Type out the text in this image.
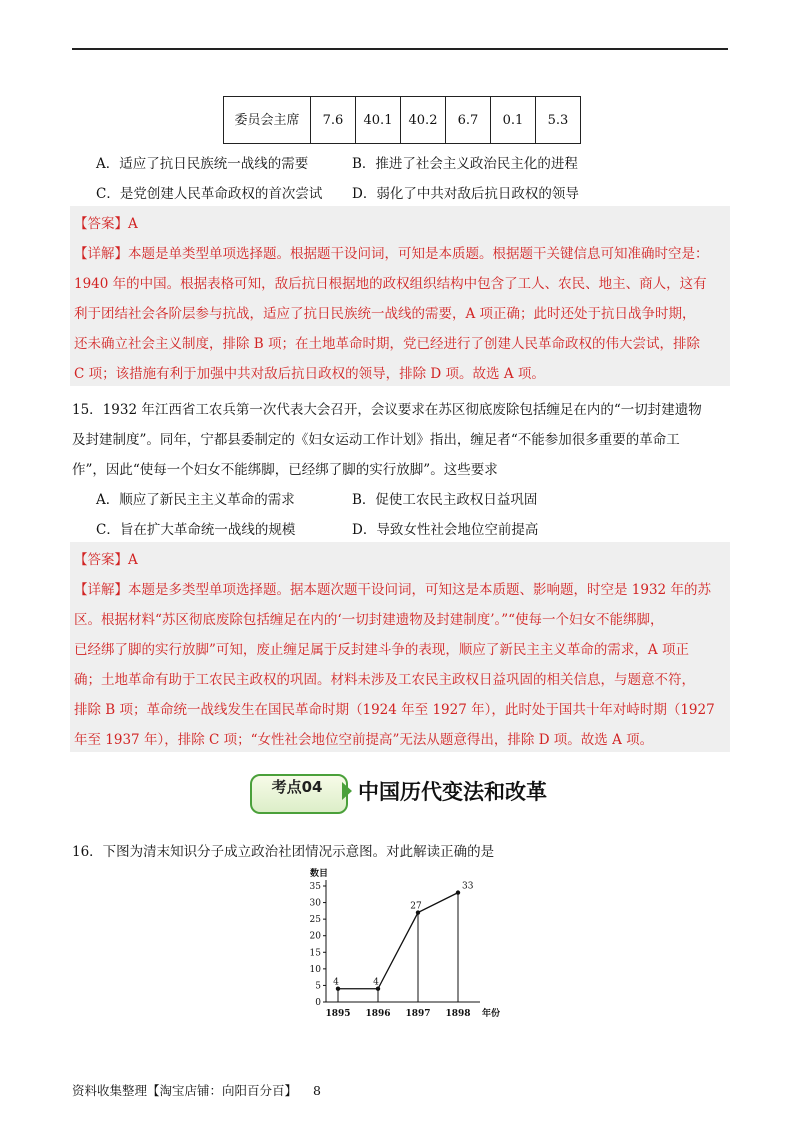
委员会主席	7.6	40.1	40.2	6.7	0.1	5.3
A．适应了抗日民族统一战线的需要	B．推进了社会主义政治民主化的进程
C．是党创建人民革命政权的首次尝试 D．弱化了中共对敌后抗日政权的领导
【答案】A
【详解】本题是单类型单项选择题。根据题干设问词，可知是本质题。根据题干关键信息可知准确时空是：
1940 年的中国。根据表格可知，敌后抗日根据地的政权组织结构中包含了工人、农民、地主、商人，这有
利于团结社会各阶层参与抗战，适应了抗日民族统一战线的需要，A 项正确；此时还处于抗日战争时期，
还未确立社会主义制度，排除 B 项；在土地革命时期，党已经进行了创建人民革命政权的伟大尝试，排除
C 项；该措施有利于加强中共对敌后抗日政权的领导，排除 D 项。故选 A 项。
15．1932 年江西省工农兵第一次代表大会召开，会议要求在苏区彻底废除包括缠足在内的“一切封建遗物
及封建制度”。同年，宁都县委制定的《妇女运动工作计划》指出，缠足者“不能参加很多重要的革命工
作”，因此“使每一个妇女不能绑脚，已经绑了脚的实行放脚”。这些要求
A．顺应了新民主主义革命的需求	B．促使工农民主政权日益巩固
C．旨在扩大革命统一战线的规模	D．导致女性社会地位空前提高
【答案】A
【详解】本题是多类型单项选择题。据本题次题干设问词，可知这是本质题、影响题，时空是 1932 年的苏
区。根据材料“苏区彻底废除包括缠足在内的‘一切封建遗物及封建制度’。”“使每一个妇女不能绑脚，
已经绑了脚的实行放脚”可知，废止缠足属于反封建斗争的表现，顺应了新民主主义革命的需求，A 项正
确；土地革命有助于工农民主政权的巩固。材料未涉及工农民主政权日益巩固的相关信息，与题意不符，
排除 B 项；革命统一战线发生在国民革命时期（1924 年至 1927 年），此时处于国共十年对峙时期（1927
年至 1937 年），排除 C 项；“女性社会地位空前提高”无法从题意得出，排除 D 项。故选 A 项。
考点04	中国历代变法和改革
16．下图为清末知识分子成立政治社团情况示意图。对此解读正确的是
0
5
10
15
20
25
30
35
数目
年份
1895 1896 1897 1898
4	4
27
33
资料收集整理【淘宝店铺：向阳百分百】 8
